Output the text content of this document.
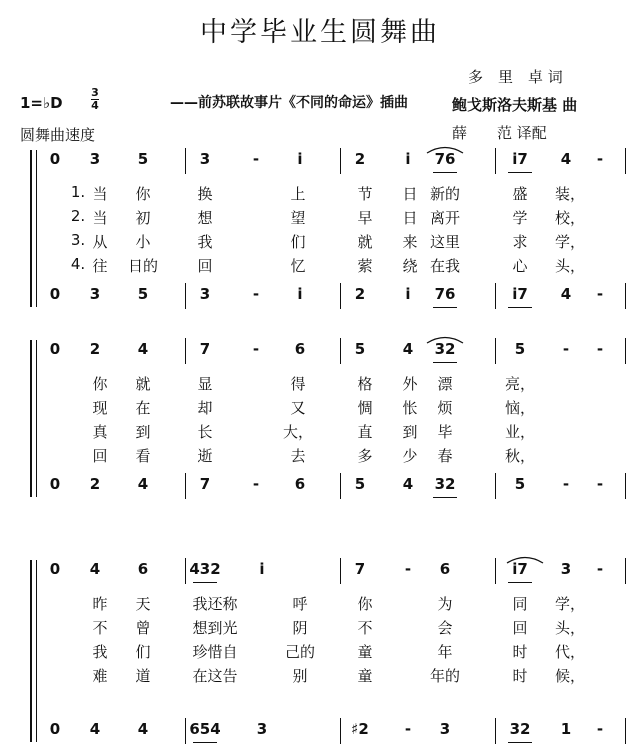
中学毕业生圆舞曲
多　里　卓 词
鲍戈斯洛夫斯基 曲
薛　　范 译配
——前苏联故事片《不同的命运》插曲
1=♭D
3
4
圆舞曲速度
0 3	5	3	-	i	2	i 76	i7 4 -
0 3	5	3	-	i	2	i 76	i7 4 -
1. 当 你	换	上	节 日 新的	盛 装，
2. 当 初	想	望	早 日 离开	学 校，
3. 从 小	我	们	就 来 这里	求 学，
4. 往 日的	回	忆	萦 绕 在我	心 头，
0 2	4	7	- 6	5	4 32	5	- -
0 2	4	7	- 6	5	4 32	5	- -
你 就	显	得	格 外 漂	亮，
现 在	却	又	惆 怅 烦	恼，
真 到	长	大，	直 到 毕	业，
回 看	逝	去	多 少 春	秋，
0 4	6	432	i	7	- 6	i7 3 -
0 4	4	654 3	♯2 - 3	32 1 -
昨 天	我还称	呼	你	为	同 学，
不 曾	想到光	阴	不	会	回 头，
我 们	珍惜自	己的	童	年	时 代，
难 道	在这告	别	童	年的	时 候，
